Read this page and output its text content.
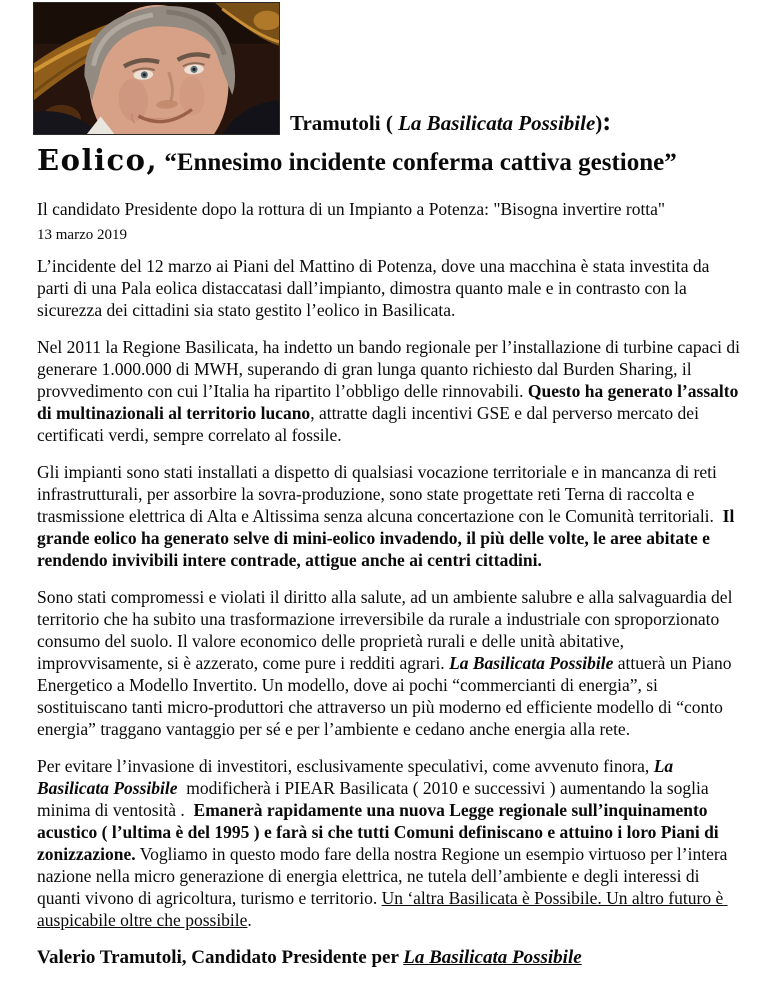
Tramutoli ( La Basilicata Possibile):
Eolico, “Ennesimo incidente conferma cattiva gestione”

Il candidato Presidente dopo la rottura di un Impianto a Potenza: "Bisogna invertire rotta"

13 marzo 2019

L’incidente del 12 marzo ai Piani del Mattino di Potenza, dove una macchina è stata investita da parti di una Pala eolica distaccatasi dall’impianto, dimostra quanto male e in contrasto con la sicurezza dei cittadini sia stato gestito l’eolico in Basilicata.

Nel 2011 la Regione Basilicata, ha indetto un bando regionale per l’installazione di turbine capaci di generare 1.000.000 di MWH, superando di gran lunga quanto richiesto dal Burden Sharing, il provvedimento con cui l’Italia ha ripartito l’obbligo delle rinnovabili. Questo ha generato l’assalto di multinazionali al territorio lucano, attratte dagli incentivi GSE e dal perverso mercato dei certificati verdi, sempre correlato al fossile.

Gli impianti sono stati installati a dispetto di qualsiasi vocazione territoriale e in mancanza di reti infrastrutturali, per assorbire la sovra-produzione, sono state progettate reti Terna di raccolta e trasmissione elettrica di Alta e Altissima senza alcuna concertazione con le Comunità territoriali.  Il grande eolico ha generato selve di mini-eolico invadendo, il più delle volte, le aree abitate e rendendo invivibili intere contrade, attigue anche ai centri cittadini.

Sono stati compromessi e violati il diritto alla salute, ad un ambiente salubre e alla salvaguardia del territorio che ha subito una trasformazione irreversibile da rurale a industriale con sproporzionato consumo del suolo. Il valore economico delle proprietà rurali e delle unità abitative, improvvisamente, si è azzerato, come pure i redditi agrari. La Basilicata Possibile attuerà un Piano Energetico a Modello Invertito. Un modello, dove ai pochi “commercianti di energia”, si sostituiscano tanti micro-produttori che attraverso un più moderno ed efficiente modello di “conto energia” traggano vantaggio per sé e per l’ambiente e cedano anche energia alla rete.

Per evitare l’invasione di investitori, esclusivamente speculativi, come avvenuto finora, La Basilicata Possibile  modificherà i PIEAR Basilicata ( 2010 e successivi ) aumentando la soglia minima di ventosità .  Emanerà rapidamente una nuova Legge regionale sull’inquinamento acustico ( l’ultima è del 1995 ) e farà si che tutti Comuni definiscano e attuino i loro Piani di zonizzazione. Vogliamo in questo modo fare della nostra Regione un esempio virtuoso per l’intera nazione nella micro generazione di energia elettrica, ne tutela dell’ambiente e degli interessi di quanti vivono di agricoltura, turismo e territorio. Un ‘altra Basilicata è Possibile. Un altro futuro è auspicabile oltre che possibile.

Valerio Tramutoli, Candidato Presidente per La Basilicata Possibile
